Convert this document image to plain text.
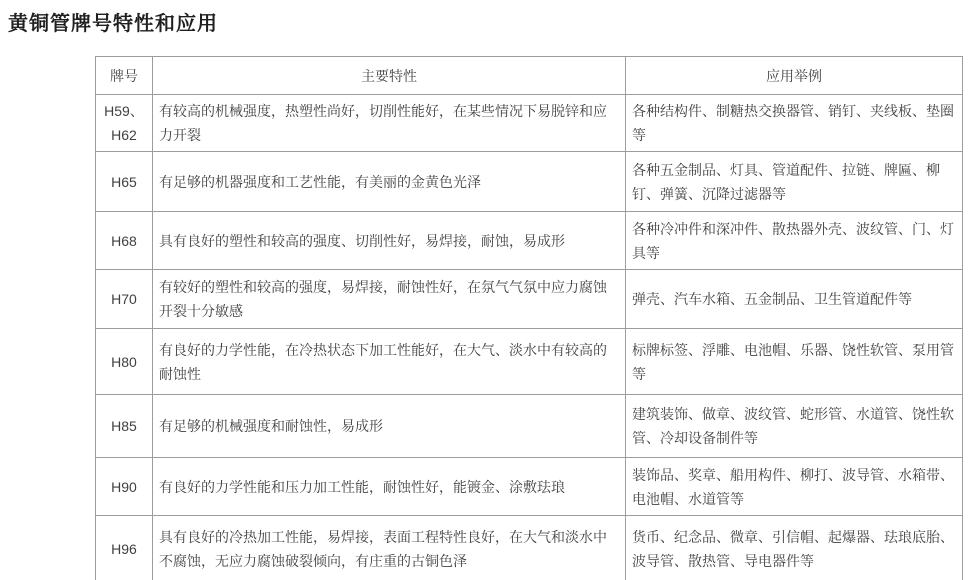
黄铜管牌号特性和应用
牌号	主要特性	应用举例
H59、H62	有较高的机械强度，热塑性尚好，切削性能好，在某些情况下易脱锌和应力开裂	各种结构件、制糖热交换器管、销钉、夹线板、垫圈等
H65	有足够的机器强度和工艺性能，有美丽的金黄色光泽	各种五金制品、灯具、管道配件、拉链、牌匾、柳钉、弹簧、沉降过滤器等
H68	具有良好的塑性和较高的强度、切削性好，易焊接，耐蚀，易成形	各种冷冲件和深冲件、散热器外壳、波纹管、门、灯具等
H70	有较好的塑性和较高的强度，易焊接，耐蚀性好，在氛气气氛中应力腐蚀开裂十分敏感	弹壳、汽车水箱、五金制品、卫生管道配件等
H80	有良好的力学性能，在冷热状态下加工性能好，在大气、淡水中有较高的耐蚀性	标牌标签、浮雕、电池帽、乐器、饶性软管、泵用管等
H85	有足够的机械强度和耐蚀性，易成形	建筑装饰、做章、波纹管、蛇形管、水道管、饶性软管、冷却设备制件等
H90	有良好的力学性能和压力加工性能，耐蚀性好，能镀金、涂敷珐琅	装饰品、奖章、船用构件、柳打、波导管、水箱带、电池帽、水道管等
H96	具有良好的冷热加工性能，易焊接，表面工程特性良好，在大气和淡水中不腐蚀，无应力腐蚀破裂倾向，有庄重的古铜色泽	货币、纪念品、微章、引信帽、起爆器、珐琅底胎、波导管、散热管、导电器件等
